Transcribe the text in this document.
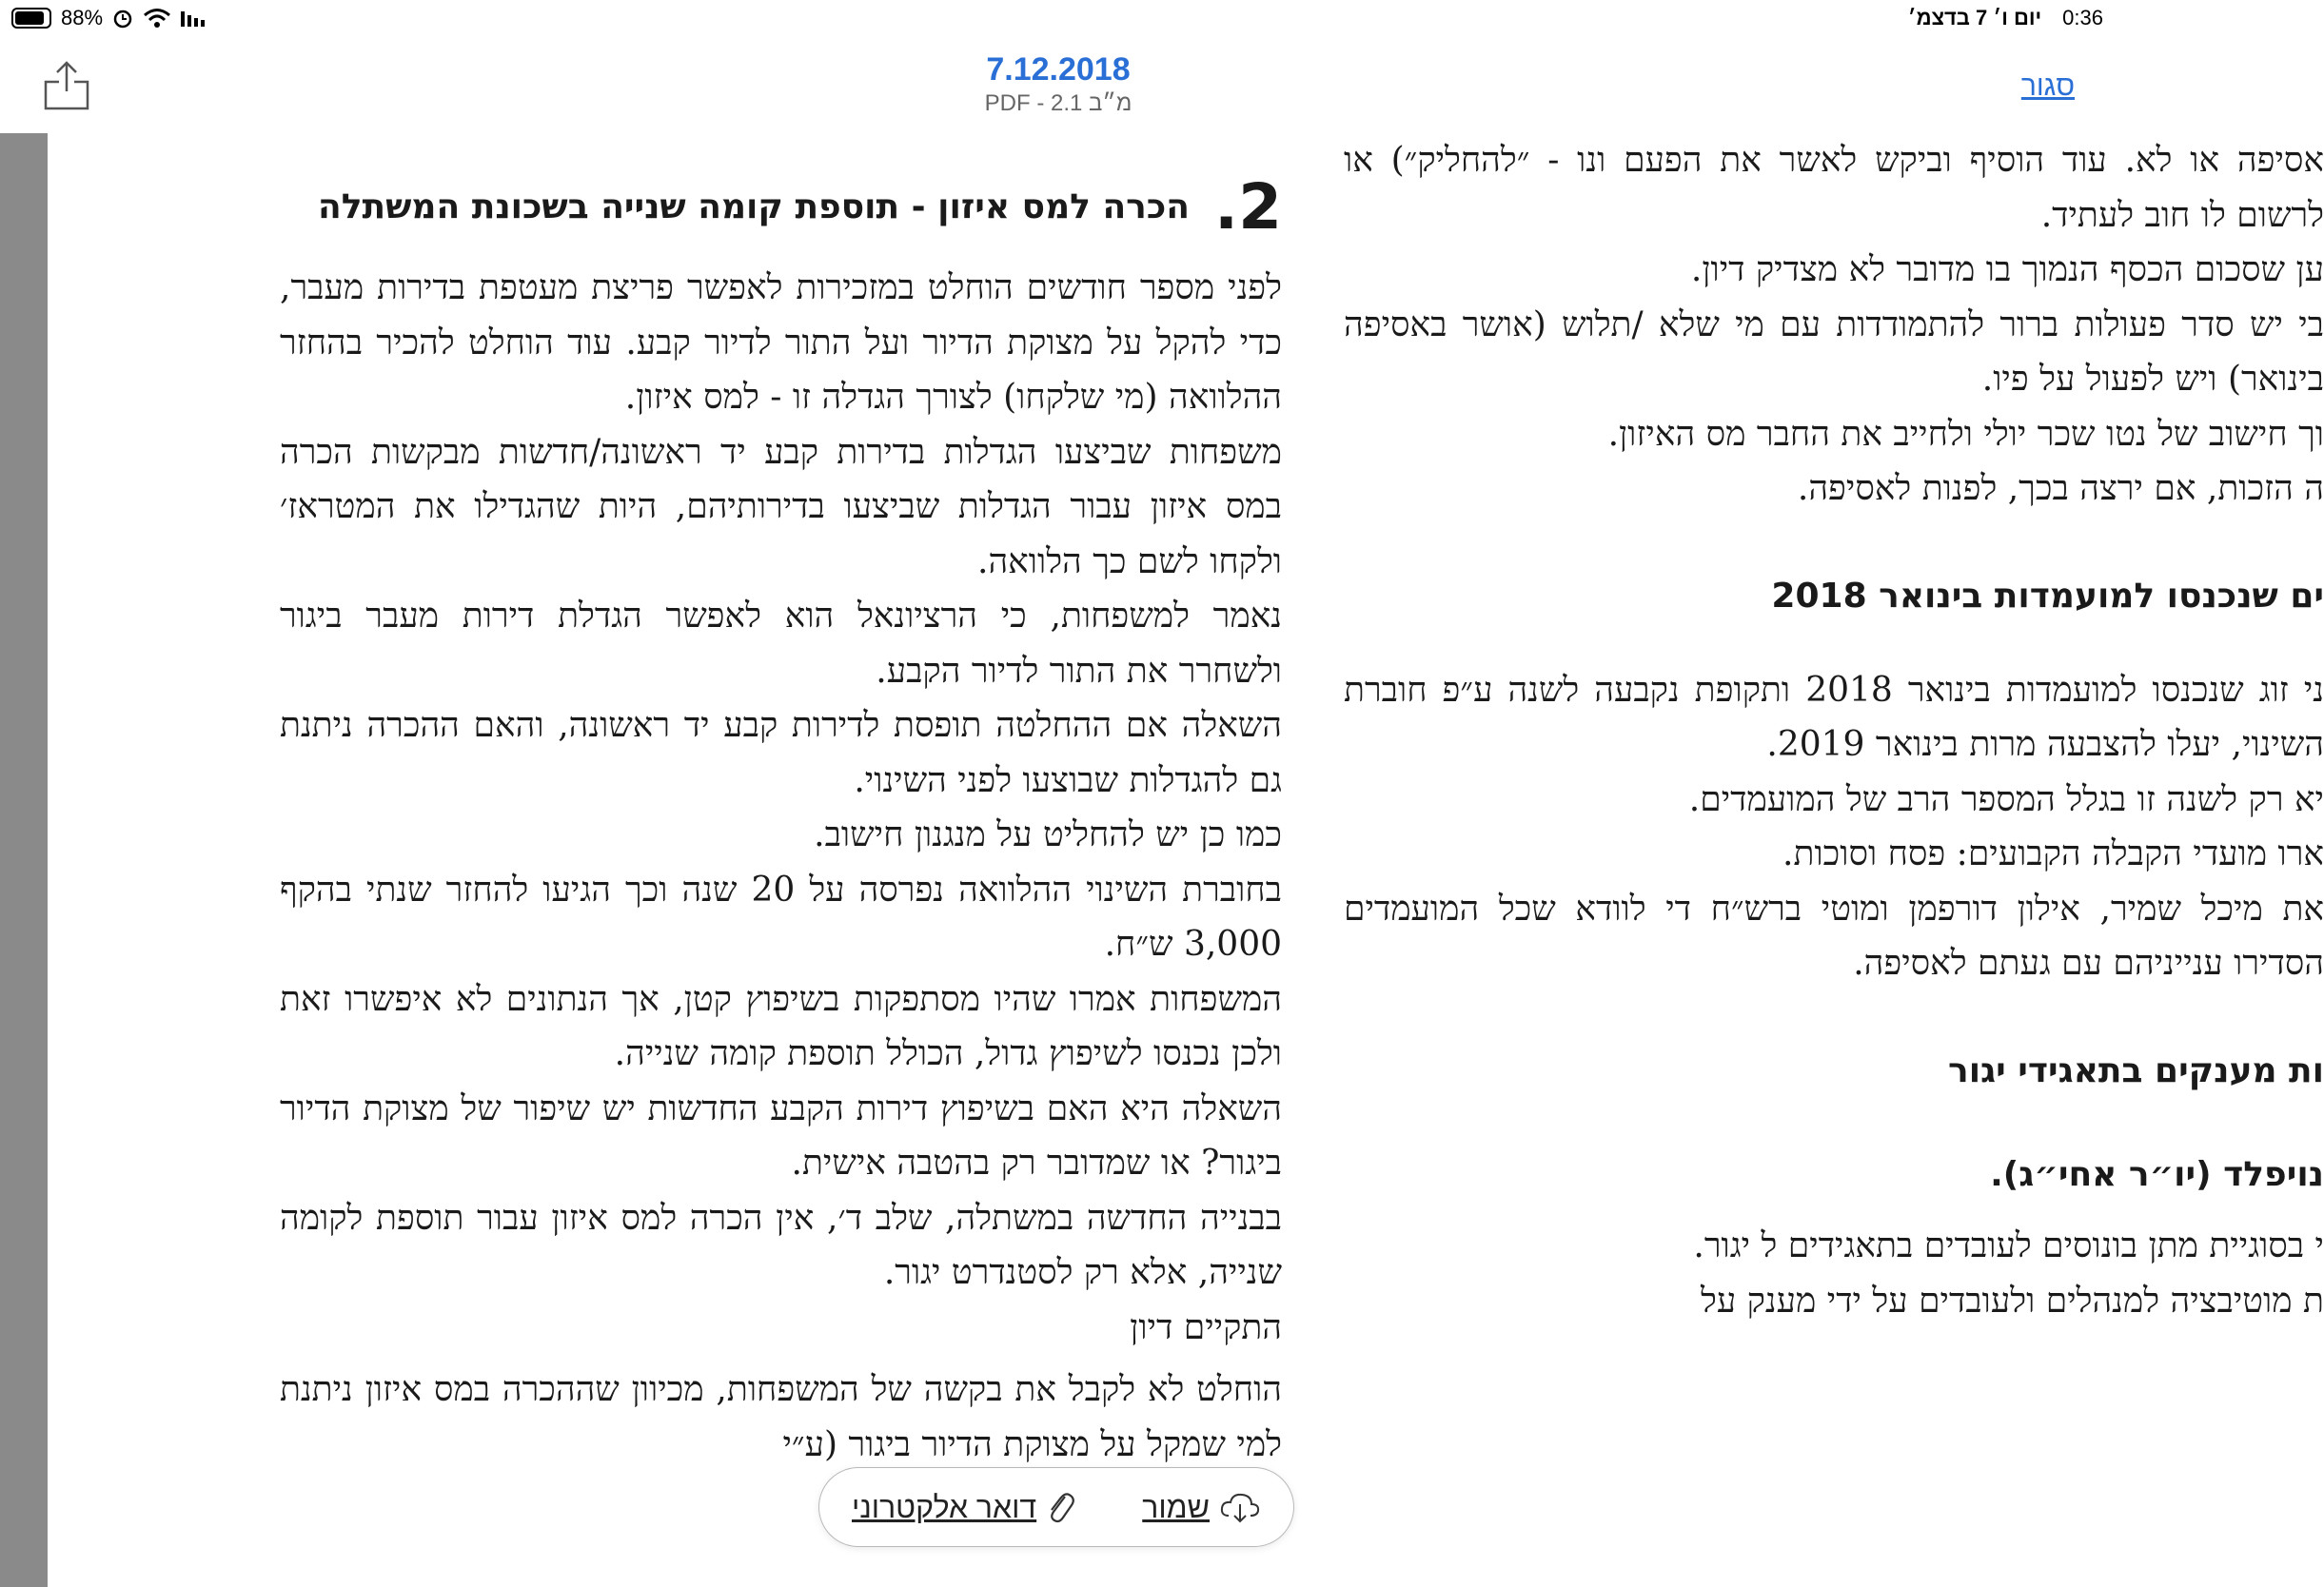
88%	יום ו׳ 7 בדצמ׳ 0:36
7.12.2018
PDF - 2.1 מ״ב
סגור
2.
הכרה למס איזון - תוספת קומה שנייה בשכונת המשתלה

לפני מספר חודשים הוחלט במזכירות לאפשר פריצת מעטפת בדירות מעבר, כדי להקל על מצוקת הדיור ועל התור לדיור קבע. עוד הוחלט להכיר בהחזר ההלוואה (מי שלקחו) לצורך הגדלה זו - למס איזון.

משפחות שביצעו הגדלות בדירות קבע יד ראשונה/חדשות מבקשות הכרה במס איזון עבור הגדלות שביצעו בדירותיהם, היות שהגדילו את המטראז׳ ולקחו לשם כך הלוואה.

נאמר למשפחות, כי הרציונאל הוא לאפשר הגדלת דירות מעבר ביגור ולשחרר את התור לדיור הקבע.

השאלה אם ההחלטה תופסת לדירות קבע יד ראשונה, והאם ההכרה ניתנת גם להגדלות שבוצעו לפני השינוי.

כמו כן יש להחליט על מנגנון חישוב.

בחוברת השינוי ההלוואה נפרסה על 20 שנה וכך הגיעו להחזר שנתי בהקף 3,000 ש״ח.

המשפחות אמרו שהיו מסתפקות בשיפוץ קטן, אך הנתונים לא איפשרו זאת ולכן נכנסו לשיפוץ גדול, הכולל תוספת קומה שנייה.

השאלה היא האם בשיפוץ דירות הקבע החדשות יש שיפור של מצוקת הדיור ביגור? או שמדובר רק בהטבה אישית.

בבנייה החדשה במשתלה, שלב ד׳, אין הכרה למס איזון עבור תוספת לקומה שנייה, אלא רק לסטנדרט יגור.

התקיים דיון

הוחלט לא לקבל את בקשה של המשפחות, מכיוון שההכרה במס איזון ניתנת למי שמקל על מצוקת הדיור ביגור (ע״י

אסיפה או לא. עוד הוסיף וביקש לאשר את הפעם ונו - ״להחליק״) או לרשום לו חוב לעתיד.

ען שסכום הכסף הנמוך בו מדובר לא מצדיק דיון.

בי יש סדר פעולות ברור להתמודדות עם מי שלא /תלוש (אושר באסיפה בינואר) ויש לפעול על פיו.

וך חישוב של נטו שכר יולי ולחייב את החבר מס האיזון.

ה הזכות, אם ירצה בכך, לפנות לאסיפה.

ים שנכנסו למועמדות בינואר 2018

ני זוג שנכנסו למועמדות בינואר 2018 ותקופת נקבעה לשנה ע״פ חוברת השינוי, יעלו להצבעה מרות בינואר 2019.

יא רק לשנה זו בגלל המספר הרב של המועמדים.

ארו מועדי הקבלה הקבועים: פסח וסוכות.

את מיכל שמיר, אילון דורפמן ומוטי ברש״ח די לוודא שכל המועמדים הסדירו ענייניהם עם געתם לאסיפה.

ות מענקים בתאגידי יגור
נויפלד (יו״ר אחי״ג).

י בסוגיית מתן בונוסים לעובדים בתאגידים ל יגור.

ת מוטיבציה למנהלים ולעובדים על ידי מענק על

שמור
דואר אלקטרוני
